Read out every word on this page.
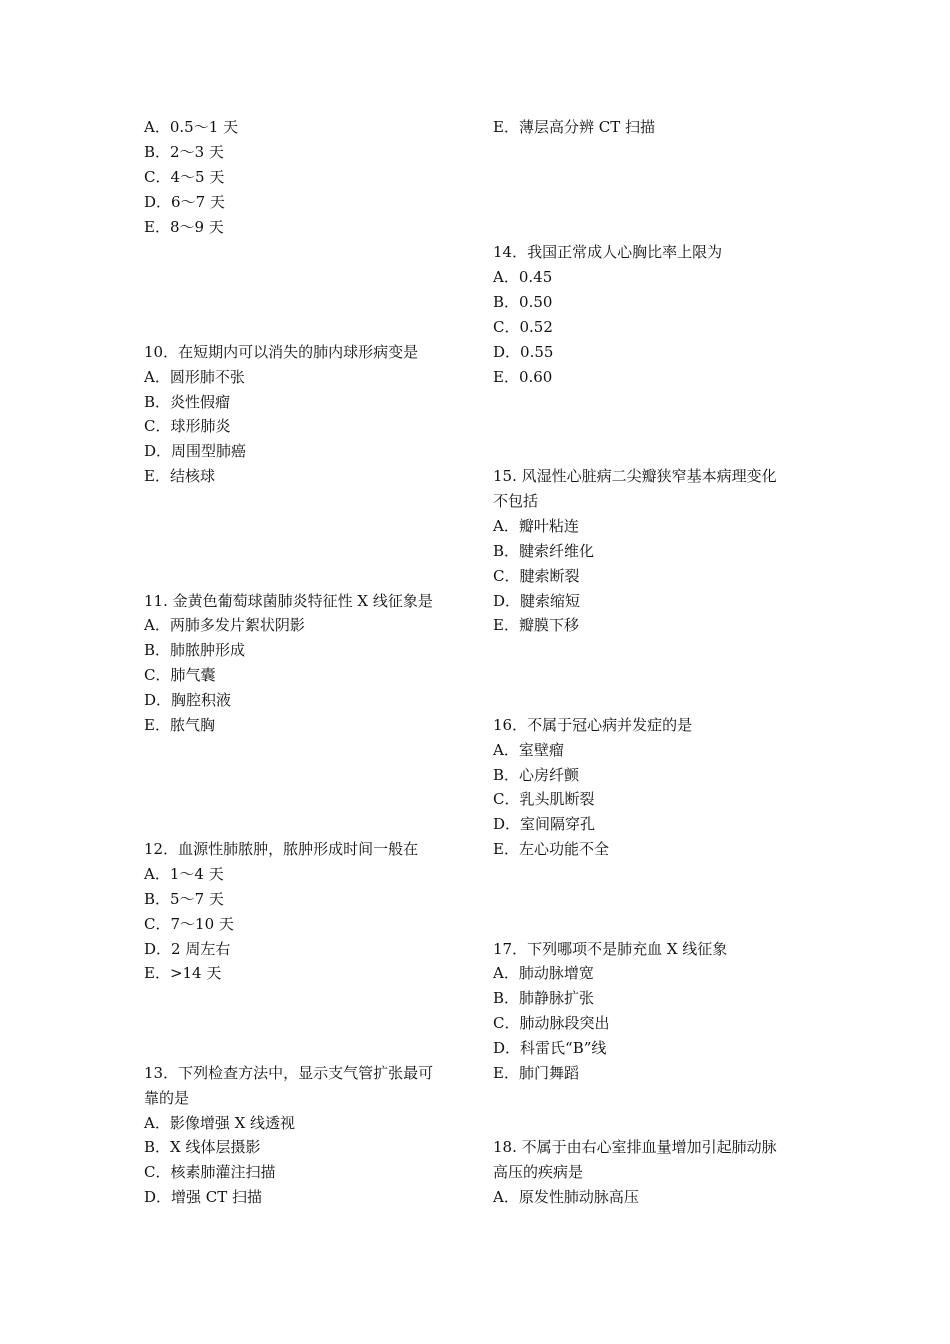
A．0.5～1 天
B．2～3 天
C．4～5 天
D．6～7 天
E．8～9 天
10．在短期内可以消失的肺内球形病变是
A．圆形肺不张
B．炎性假瘤
C．球形肺炎
D．周围型肺癌
E．结核球
11. 金黄色葡萄球菌肺炎特征性 X 线征象是
A．两肺多发片絮状阴影
B．肺脓肿形成
C．肺气囊
D．胸腔积液
E．脓气胸
12．血源性肺脓肿，脓肿形成时间一般在
A．1～4 天
B．5～7 天
C．7～10 天
D．2 周左右
E．>14 天
13．下列检查方法中，显示支气管扩张最可
靠的是
A．影像增强 X 线透视
B．X 线体层摄影
C．核素肺灌注扫描
D．增强 CT 扫描
E．薄层高分辨 CT 扫描
14．我国正常成人心胸比率上限为
A．0.45
B．0.50
C．0.52
D．0.55
E．0.60
15. 风湿性心脏病二尖瓣狭窄基本病理变化
不包括
A．瓣叶粘连
B．腱索纤维化
C．腱索断裂
D．腱索缩短
E．瓣膜下移
16．不属于冠心病并发症的是
A．室壁瘤
B．心房纤颤
C．乳头肌断裂
D．室间隔穿孔
E．左心功能不全
17．下列哪项不是肺充血 X 线征象
A．肺动脉增宽
B．肺静脉扩张
C．肺动脉段突出
D．科雷氏“B”线
E．肺门舞蹈
18. 不属于由右心室排血量增加引起肺动脉
高压的疾病是
A．原发性肺动脉高压
